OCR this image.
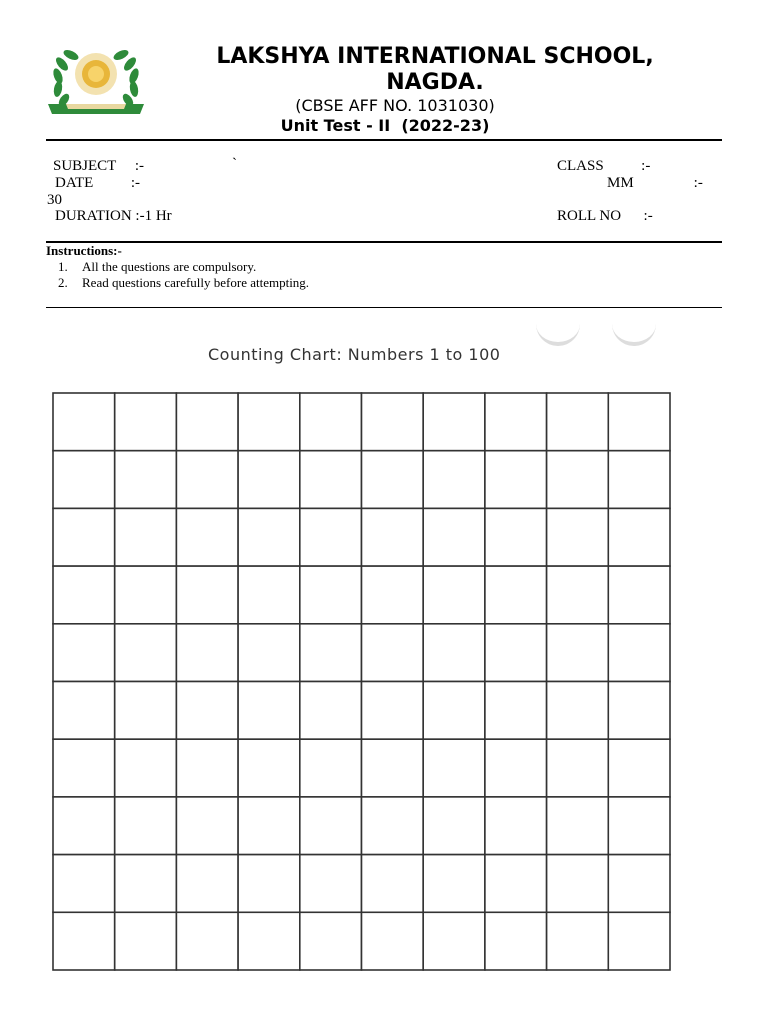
LAKSHYA INTERNATIONAL SCHOOL,
NAGDA.
(CBSE AFF NO. 1031030)
Unit Test - II  (2022-23)
SUBJECT     :-	`	CLASS          :-
DATE          :-	MM                :-
30
DURATION :-1 Hr	ROLL NO      :-
Instructions:-
1.	All the questions are compulsory.
2.	Read questions carefully before attempting.
Counting Chart: Numbers 1 to 100
